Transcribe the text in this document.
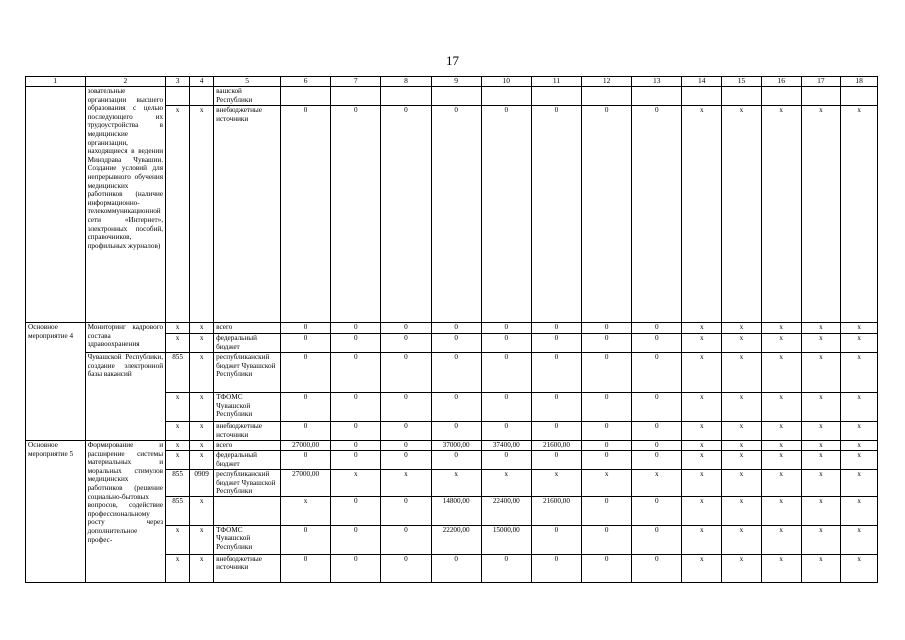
17
1	2	3	4	5	6	7	8	9	10	11	12	13	14	15	16	17	18
	зовательные организации высшего образования с целью последующего их трудоустройства в медицинские организации, находящиеся в ведении Минздрава Чувашии. Создание условий для непрерывного обучения медицинских работников (наличие информационно-телекоммуникационной сети «Интернет», электронных пособий, справочников, профильных журналов)			вашской Республики													
		x	x	внебюджетные источники	0	0	0	0	0	0	0	0	x	x	x	x	x
Основное мероприятие 4	Мониторинг кадрового состава здравоохранения	x	x	всего	0	0	0	0	0	0	0	0	x	x	x	x	x
		x	x	федеральный бюджет	0	0	0	0	0	0	0	0	x	x	x	x	x
	Чувашской Республики, создание электронной базы вакансий	855	x	республиканский бюджет Чувашской Республики	0	0	0	0	0	0	0	0	x	x	x	x	x
		x	x	ТФОМС Чувашской Республики	0	0	0	0	0	0	0	0	x	x	x	x	x
		x	x	внебюджетные источники	0	0	0	0	0	0	0	0	x	x	x	x	x
Основное мероприятие 5	Формирование и расширение системы материальных и моральных стимулов медицинских работников (решение социально-бытовых вопросов, содействие профессиональному росту через дополнительное профес-	x	x	всего	27000,00	0	0	37000,00	37400,00	21600,00	0	0	x	x	x	x	x
		x	x	федеральный бюджет	0	0	0	0	0	0	0	0	x	x	x	x	x
		855	0909	республиканский бюджет Чувашской Республики	27000,00	x	x	x	x	x	x	x	x	x	x	x	x
		855	x		x	0	0	14800,00	22400,00	21600,00	0	0	x	x	x	x	x
		x	x	ТФОМС Чувашской Республики	0	0	0	22200,00	15000,00	0	0	0	x	x	x	x	x
		x	x	внебюджетные источники	0	0	0	0	0	0	0	0	x	x	x	x	x
